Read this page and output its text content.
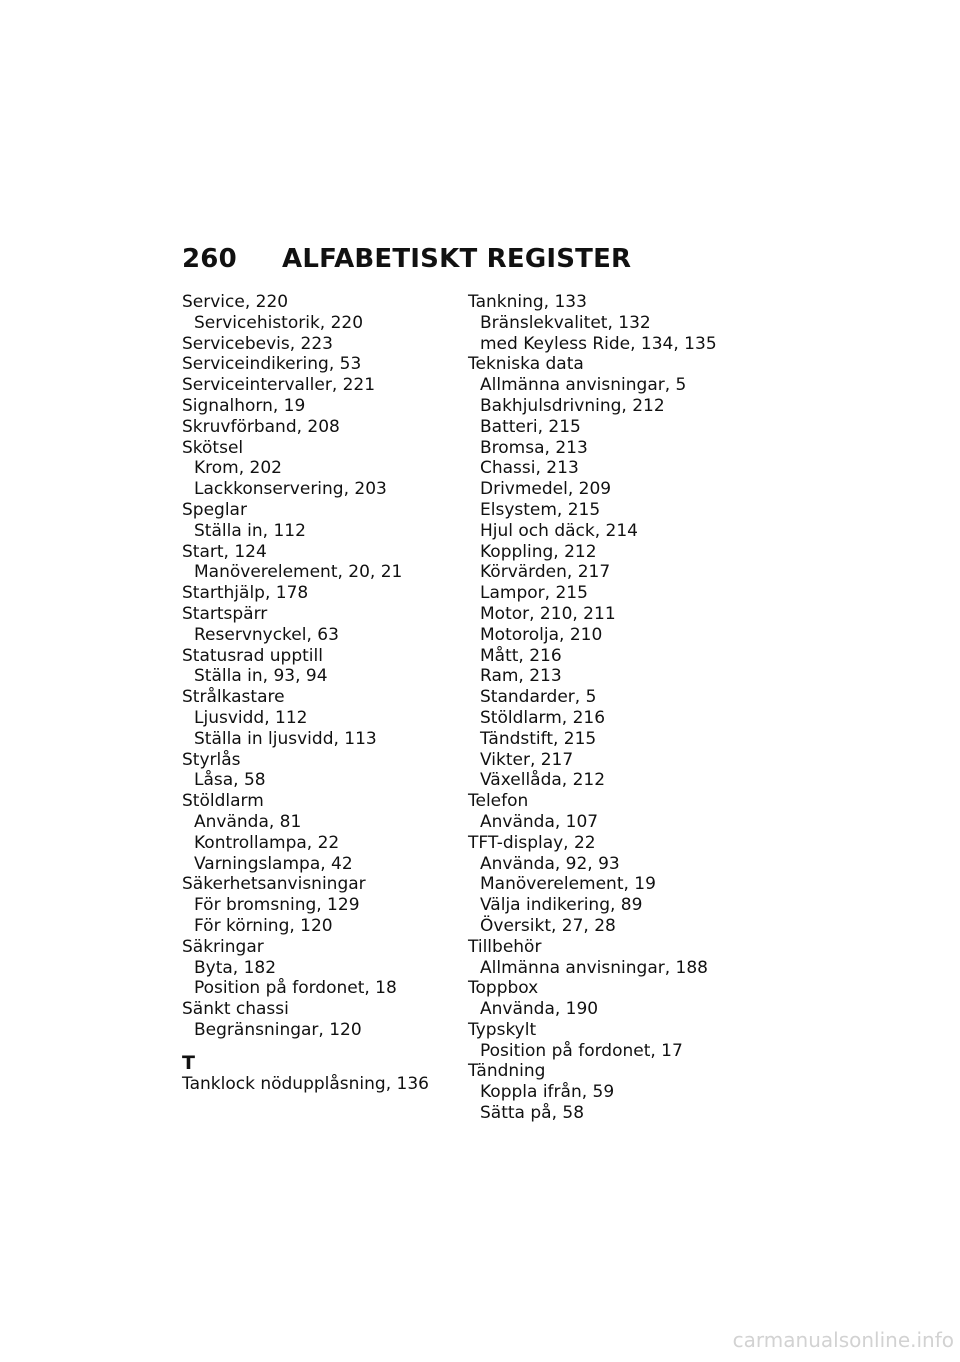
260 ALFABETISKT REGISTER
Service, 220
Servicehistorik, 220
Servicebevis, 223
Serviceindikering, 53
Serviceintervaller, 221
Signalhorn, 19
Skruvförband, 208
Skötsel
Krom, 202
Lackkonservering, 203
Speglar
Ställa in, 112
Start, 124
Manöverelement, 20, 21
Starthjälp, 178
Startspärr
Reservnyckel, 63
Statusrad upptill
Ställa in, 93, 94
Strålkastare
Ljusvidd, 112
Ställa in ljusvidd, 113
Styrlås
Låsa, 58
Stöldlarm
Använda, 81
Kontrollampa, 22
Varningslampa, 42
Säkerhetsanvisningar
För bromsning, 129
För körning, 120
Säkringar
Byta, 182
Position på fordonet, 18
Sänkt chassi
Begränsningar, 120
T
Tanklock nödupplåsning, 136
Tankning, 133
Bränslekvalitet, 132
med Keyless Ride, 134, 135
Tekniska data
Allmänna anvisningar, 5
Bakhjulsdrivning, 212
Batteri, 215
Bromsa, 213
Chassi, 213
Drivmedel, 209
Elsystem, 215
Hjul och däck, 214
Koppling, 212
Körvärden, 217
Lampor, 215
Motor, 210, 211
Motorolja, 210
Mått, 216
Ram, 213
Standarder, 5
Stöldlarm, 216
Tändstift, 215
Vikter, 217
Växellåda, 212
Telefon
Använda, 107
TFT-display, 22
Använda, 92, 93
Manöverelement, 19
Välja indikering, 89
Översikt, 27, 28
Tillbehör
Allmänna anvisningar, 188
Toppbox
Använda, 190
Typskylt
Position på fordonet, 17
Tändning
Koppla ifrån, 59
Sätta på, 58
carmanualsonline.info
